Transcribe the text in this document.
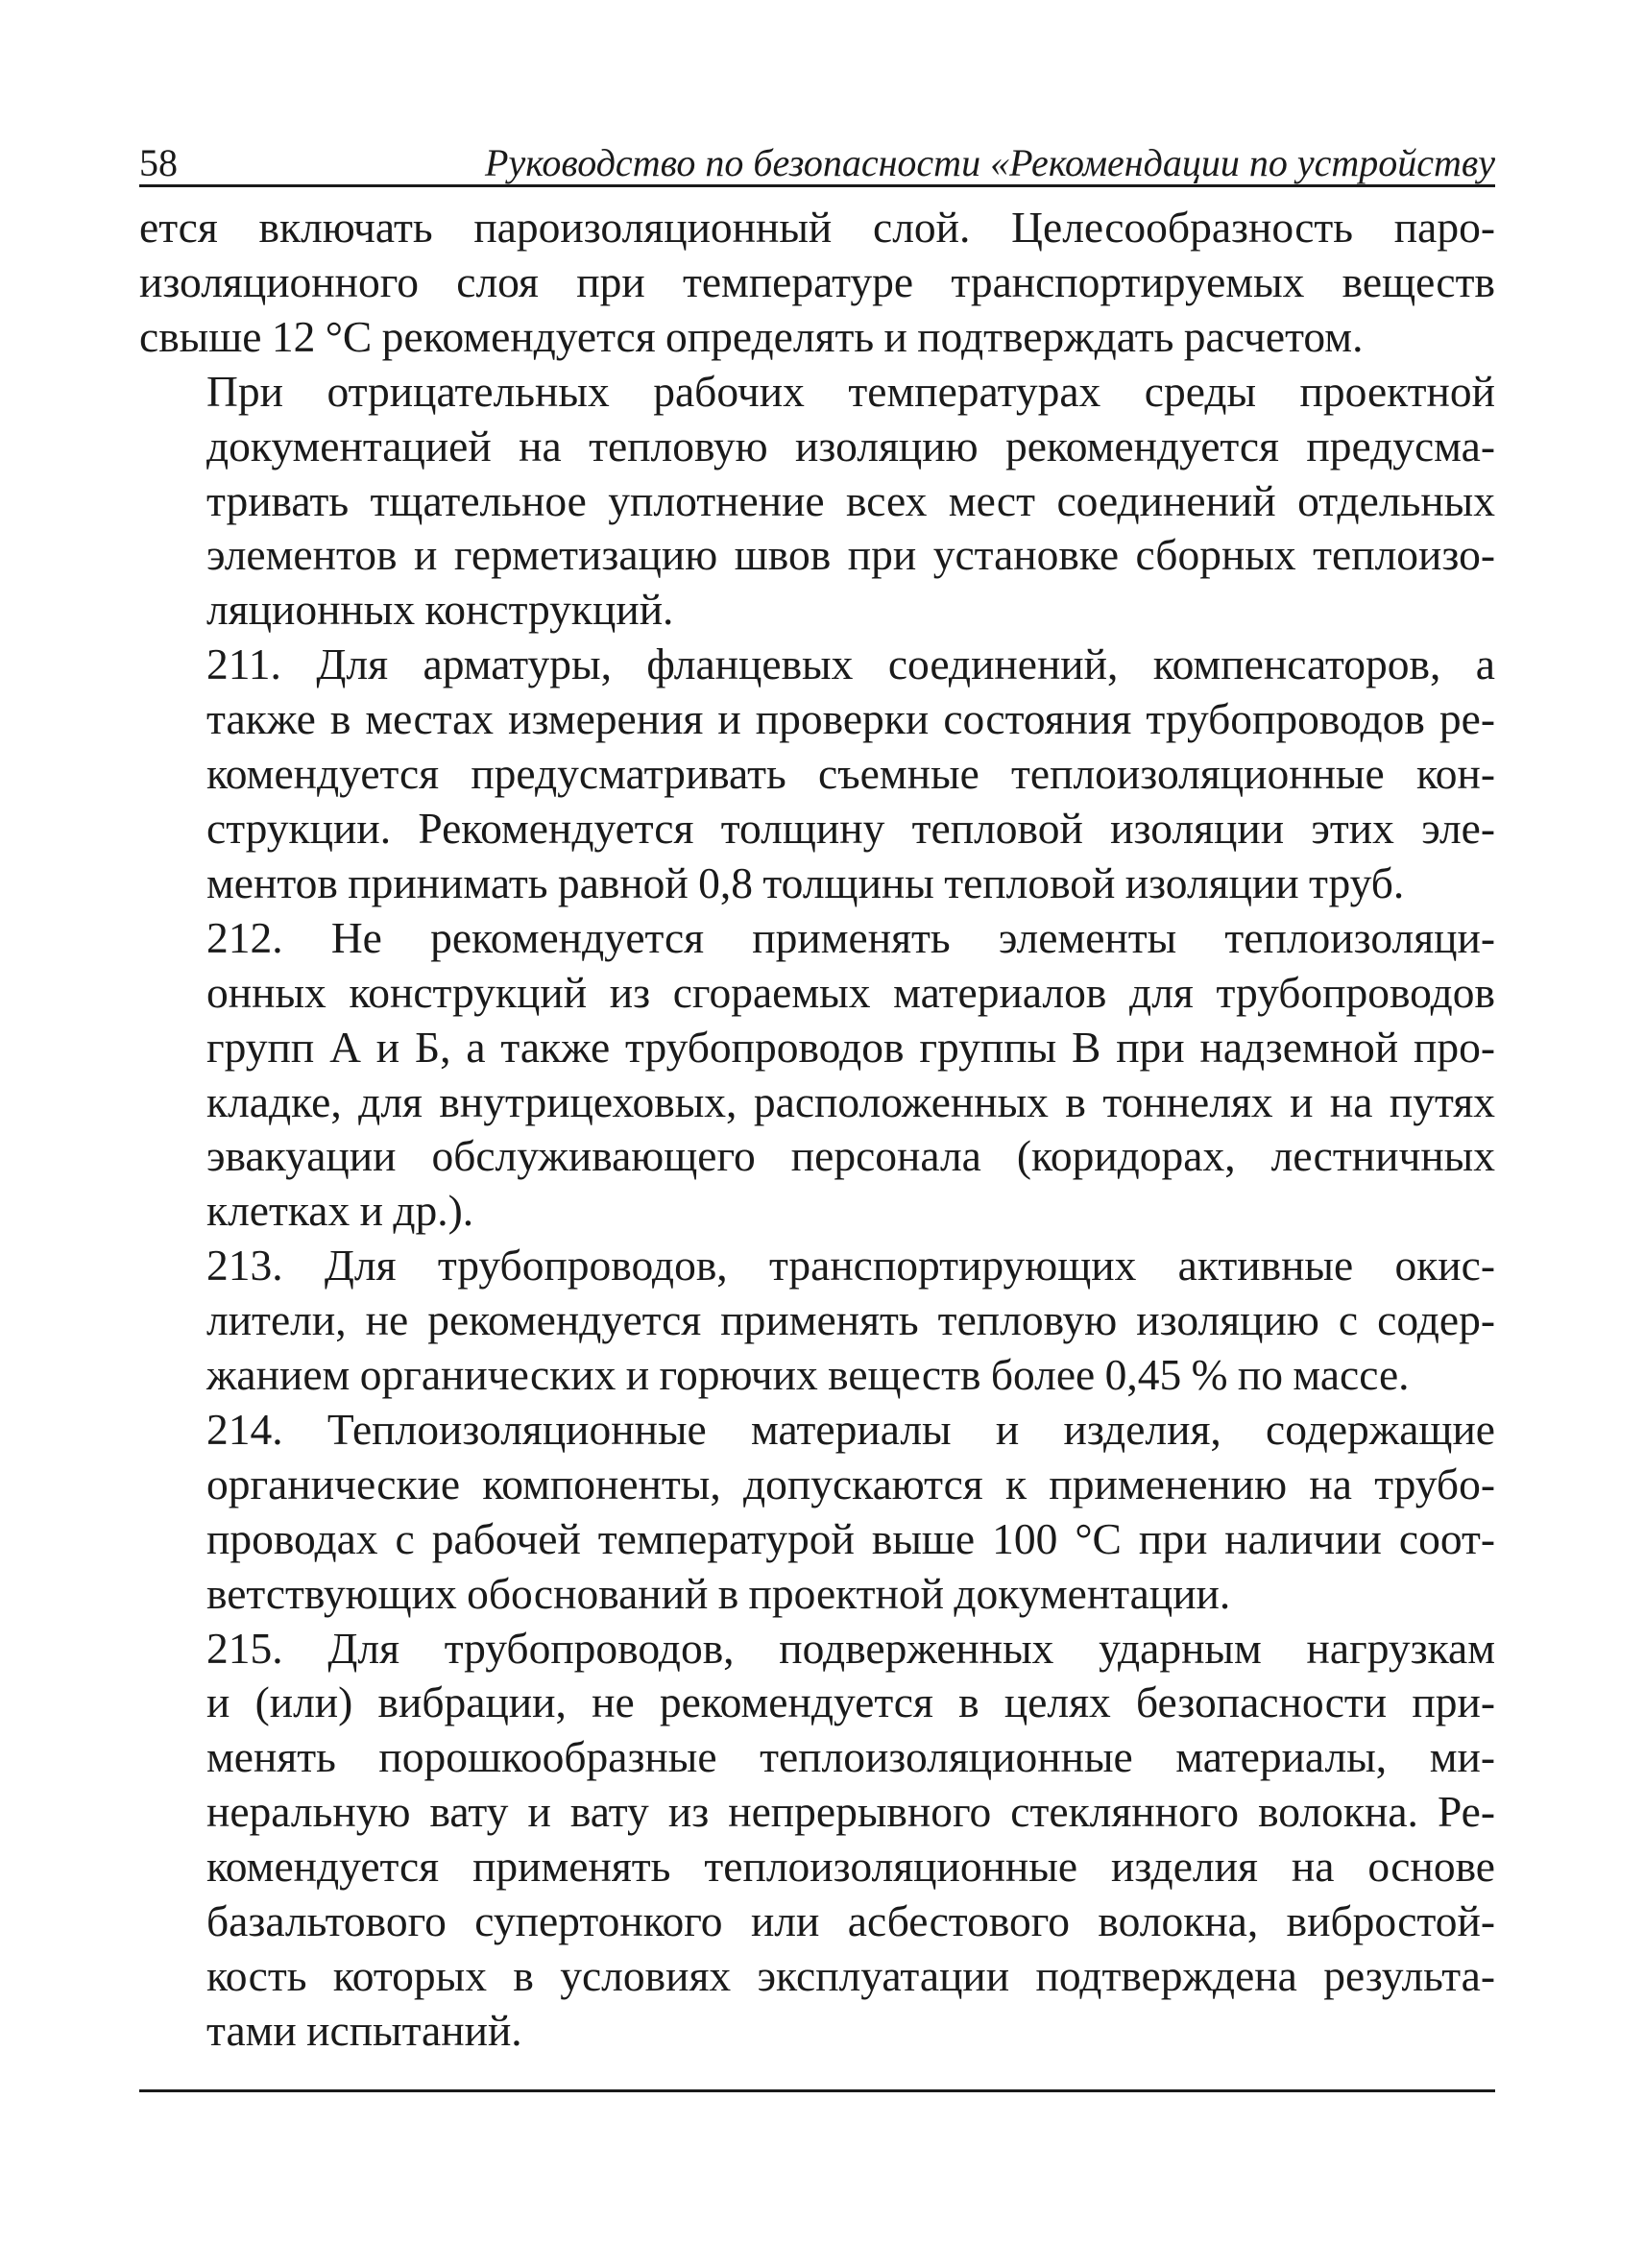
58	Руководство по безопасности «Рекомендации по устройству

ется включать пароизоляционный слой. Целесообразность паро-
изоляционного слоя при температуре транспортируемых веществ
свыше 12 °С рекомендуется определять и подтверждать расчетом.

При отрицательных рабочих температурах среды проектной
документацией на тепловую изоляцию рекомендуется предусма-
тривать тщательное уплотнение всех мест соединений отдельных
элементов и герметизацию швов при установке сборных теплоизо-
ляционных конструкций.

211. Для арматуры, фланцевых соединений, компенсаторов, а
также в местах измерения и проверки состояния трубопроводов ре-
комендуется предусматривать съемные теплоизоляционные кон-
струкции. Рекомендуется толщину тепловой изоляции этих эле-
ментов принимать равной 0,8 толщины тепловой изоляции труб.

212. Не рекомендуется применять элементы теплоизоляци-
онных конструкций из сгораемых материалов для трубопроводов
групп А и Б, а также трубопроводов группы В при надземной про-
кладке, для внутрицеховых, расположенных в тоннелях и на путях
эвакуации обслуживающего персонала (коридорах, лестничных
клетках и др.).

213. Для трубопроводов, транспортирующих активные окис-
лители, не рекомендуется применять тепловую изоляцию с содер-
жанием органических и горючих веществ более 0,45 % по массе.

214. Теплоизоляционные материалы и изделия, содержащие
органические компоненты, допускаются к применению на трубо-
проводах с рабочей температурой выше 100 °С при наличии соот-
ветствующих обоснований в проектной документации.

215. Для трубопроводов, подверженных ударным нагрузкам
и (или) вибрации, не рекомендуется в целях безопасности при-
менять порошкообразные теплоизоляционные материалы, ми-
неральную вату и вату из непрерывного стеклянного волокна. Ре-
комендуется применять теплоизоляционные изделия на основе
базальтового супертонкого или асбестового волокна, вибростой-
кость которых в условиях эксплуатации подтверждена результа-
тами испытаний.
